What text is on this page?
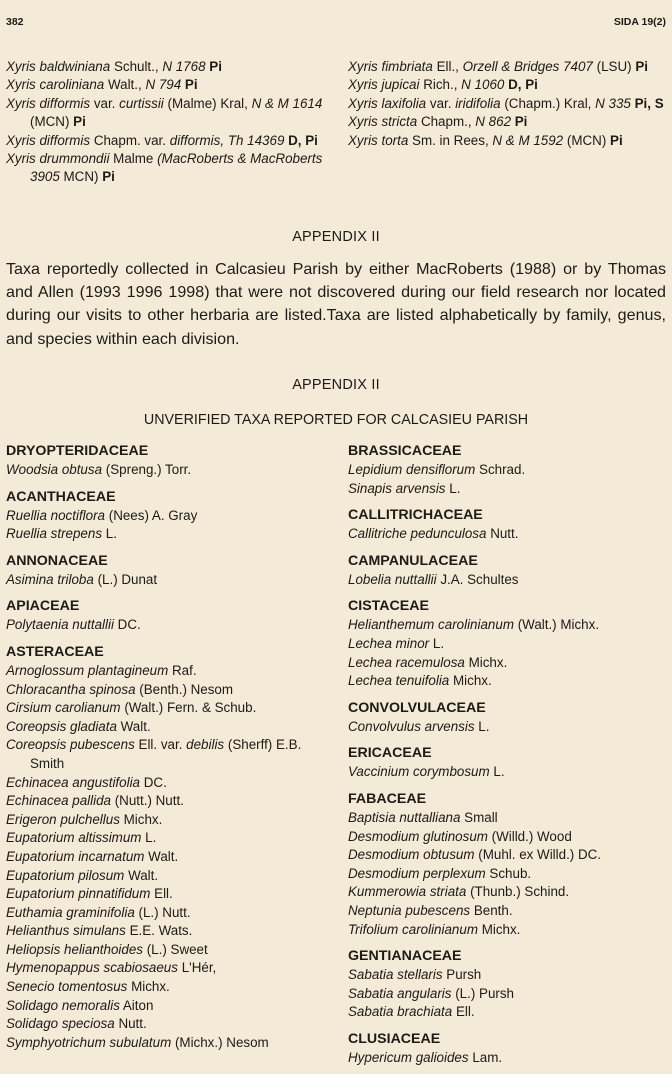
382	SIDA 19(2)

Xyris baldwiniana Schult., N 1768 Pi

Xyris caroliniana Walt., N 794 Pi

Xyris difformis var. curtissii (Malme) Kral, N & M 1614 (MCN) Pi

Xyris difformis Chapm. var. difformis, Th 14369 D, Pi

Xyris drummondii Malme (MacRoberts & MacRoberts 3905 MCN) Pi

Xyris fimbriata Ell., Orzell & Bridges 7407 (LSU) Pi

Xyris jupicai Rich., N 1060 D, Pi

Xyris laxifolia var. iridifolia (Chapm.) Kral, N 335 Pi, S

Xyris stricta Chapm., N 862 Pi

Xyris torta Sm. in Rees, N & M 1592 (MCN) Pi

APPENDIX II

Taxa reportedly collected in Calcasieu Parish by either MacRoberts (1988) or by Thomas and Allen (1993 1996 1998) that were not discovered during our field research nor located during our visits to other herbaria are listed.Taxa are listed alphabetically by family, genus, and species within each division.

APPENDIX II
UNVERIFIED TAXA REPORTED FOR CALCASIEU PARISH

DRYOPTERIDACEAE

Woodsia obtusa (Spreng.) Torr.

ACANTHACEAE

Ruellia noctiflora (Nees) A. Gray

Ruellia strepens L.

ANNONACEAE

Asimina triloba (L.) Dunat

APIACEAE

Polytaenia nuttallii DC.

ASTERACEAE

Arnoglossum plantagineum Raf.

Chloracantha spinosa (Benth.) Nesom

Cirsium carolianum (Walt.) Fern. & Schub.

Coreopsis gladiata Walt.

Coreopsis pubescens Ell. var. debilis (Sherff) E.B. Smith

Echinacea angustifolia DC.

Echinacea pallida (Nutt.) Nutt.

Erigeron pulchellus Michx.

Eupatorium altissimum L.

Eupatorium incarnatum Walt.

Eupatorium pilosum Walt.

Eupatorium pinnatifidum Ell.

Euthamia graminifolia (L.) Nutt.

Helianthus simulans E.E. Wats.

Heliopsis helianthoides (L.) Sweet

Hymenopappus scabiosaeus L'Hér,

Senecio tomentosus Michx.

Solidago nemoralis Aiton

Solidago speciosa Nutt.

Symphyotrichum subulatum (Michx.) Nesom

BRASSICACEAE

Lepidium densiflorum Schrad.

Sinapis arvensis L.

CALLITRICHACEAE

Callitriche pedunculosa Nutt.

CAMPANULACEAE

Lobelia nuttallii J.A. Schultes

CISTACEAE

Helianthemum carolinianum (Walt.) Michx.

Lechea minor L.

Lechea racemulosa Michx.

Lechea tenuifolia Michx.

CONVOLVULACEAE

Convolvulus arvensis L.

ERICACEAE

Vaccinium corymbosum L.

FABACEAE

Baptisia nuttalliana Small

Desmodium glutinosum (Willd.) Wood

Desmodium obtusum (Muhl. ex Willd.) DC.

Desmodium perplexum Schub.

Kummerowia striata (Thunb.) Schind.

Neptunia pubescens Benth.

Trifolium carolinianum Michx.

GENTIANACEAE

Sabatia stellaris Pursh

Sabatia angularis (L.) Pursh

Sabatia brachiata Ell.

CLUSIACEAE

Hypericum galioides Lam.
